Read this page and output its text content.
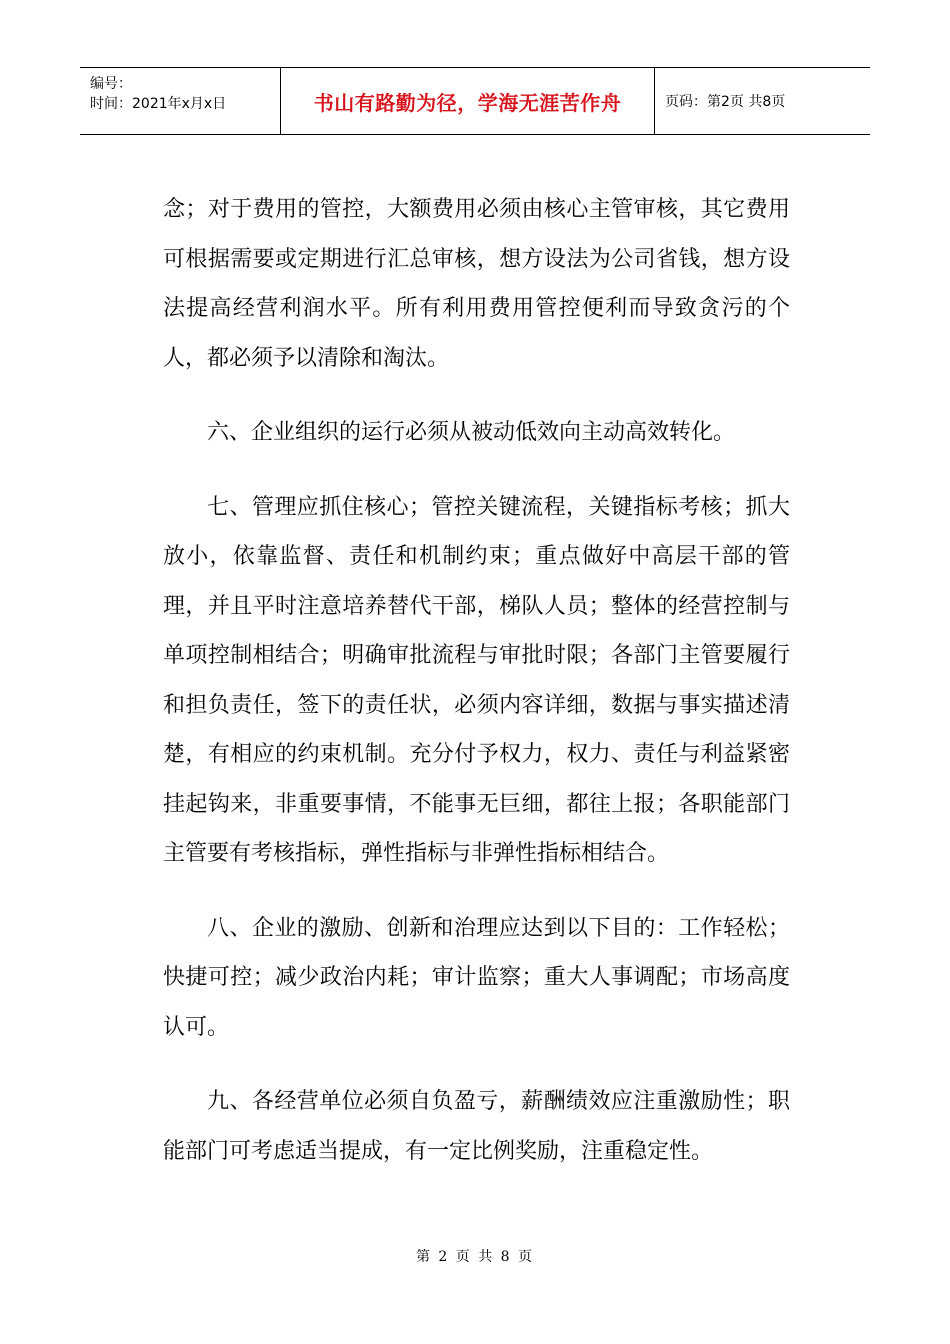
编号：
时间：2021年x月x日	书山有路勤为径，学海无涯苦作舟	页码：第2页 共8页

念；对于费用的管控，大额费用必须由核心主管审核，其它费用可根据需要或定期进行汇总审核，想方设法为公司省钱，想方设法提高经营利润水平。所有利用费用管控便利而导致贪污的个人，都必须予以清除和淘汰。

六、企业组织的运行必须从被动低效向主动高效转化。

七、管理应抓住核心；管控关键流程，关键指标考核；抓大放小，依靠监督、责任和机制约束；重点做好中高层干部的管理，并且平时注意培养替代干部，梯队人员；整体的经营控制与单项控制相结合；明确审批流程与审批时限；各部门主管要履行和担负责任，签下的责任状，必须内容详细，数据与事实描述清楚，有相应的约束机制。充分付予权力，权力、责任与利益紧密挂起钩来，非重要事情，不能事无巨细，都往上报；各职能部门主管要有考核指标，弹性指标与非弹性指标相结合。

八、企业的激励、创新和治理应达到以下目的：工作轻松；快捷可控；减少政治内耗；审计监察；重大人事调配；市场高度认可。

九、各经营单位必须自负盈亏，薪酬绩效应注重激励性；职能部门可考虑适当提成，有一定比例奖励，注重稳定性。

第 2 页 共 8 页
